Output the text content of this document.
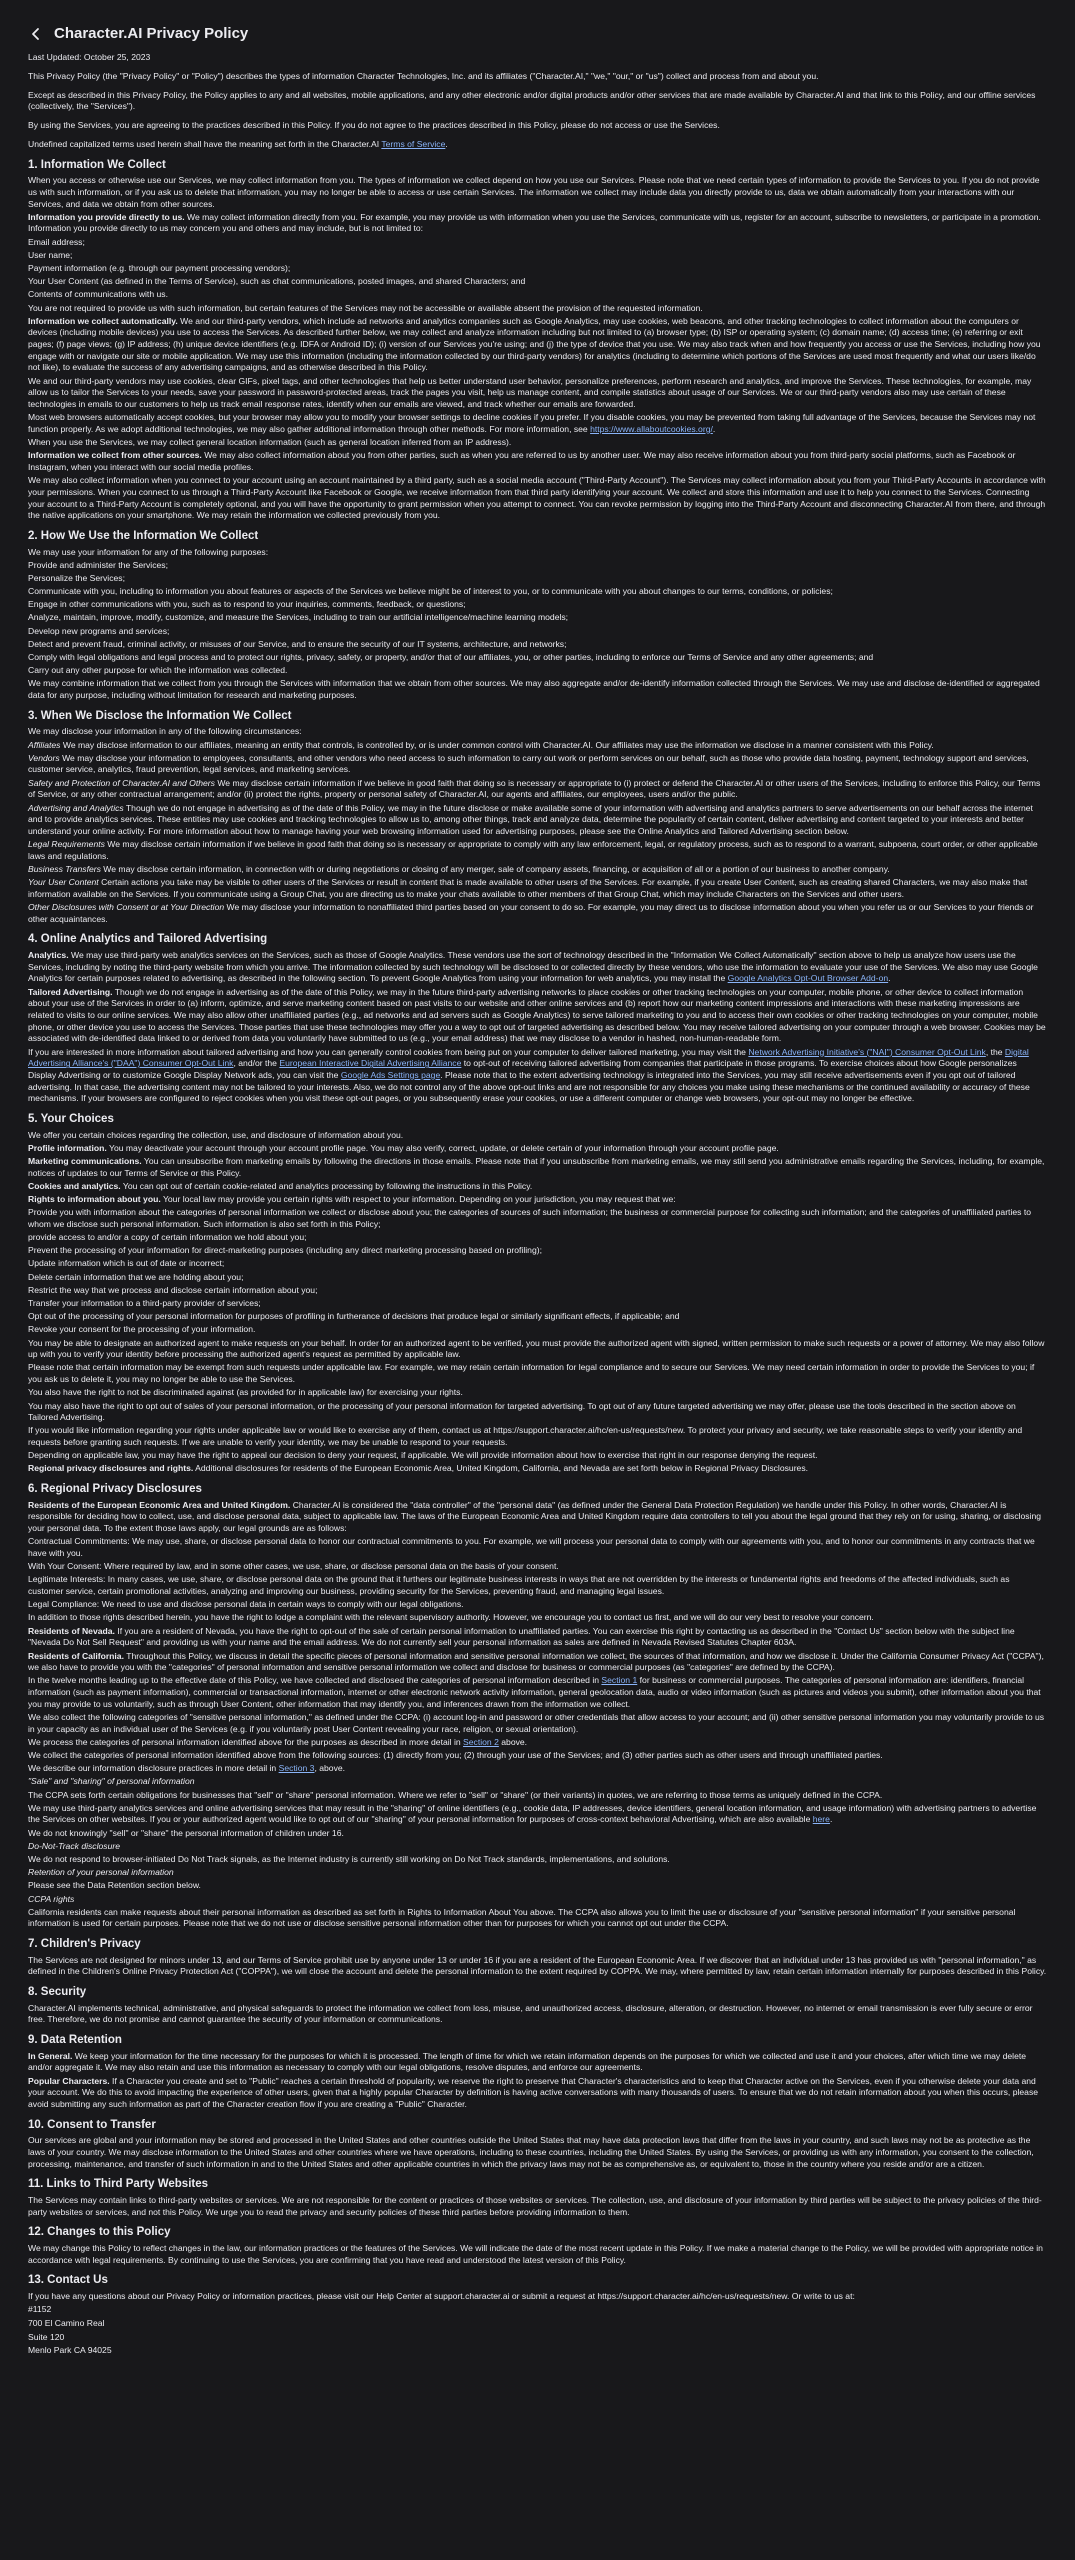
Character.AI Privacy Policy

Last Updated: October 25, 2023

This Privacy Policy (the "Privacy Policy" or "Policy") describes the types of information Character Technologies, Inc. and its affiliates ("Character.AI," "we," "our," or "us") collect and process from and about you.

Except as described in this Privacy Policy, the Policy applies to any and all websites, mobile applications, and any other electronic and/or digital products and/or other services that are made available by Character.AI and that link to this Policy, and our offline services (collectively, the "Services").

By using the Services, you are agreeing to the practices described in this Policy. If you do not agree to the practices described in this Policy, please do not access or use the Services.

Undefined capitalized terms used herein shall have the meaning set forth in the Character.AI Terms of Service.

1. Information We Collect

When you access or otherwise use our Services, we may collect information from you. The types of information we collect depend on how you use our Services. Please note that we need certain types of information to provide the Services to you. If you do not provide us with such information, or if you ask us to delete that information, you may no longer be able to access or use certain Services. The information we collect may include data you directly provide to us, data we obtain automatically from your interactions with our Services, and data we obtain from other sources.

Information you provide directly to us. We may collect information directly from you. For example, you may provide us with information when you use the Services, communicate with us, register for an account, subscribe to newsletters, or participate in a promotion. Information you provide directly to us may concern you and others and may include, but is not limited to:

Email address;

User name;

Payment information (e.g. through our payment processing vendors);

Your User Content (as defined in the Terms of Service), such as chat communications, posted images, and shared Characters; and

Contents of communications with us.

You are not required to provide us with such information, but certain features of the Services may not be accessible or available absent the provision of the requested information.

Information we collect automatically. We and our third-party vendors, which include ad networks and analytics companies such as Google Analytics, may use cookies, web beacons, and other tracking technologies to collect information about the computers or devices (including mobile devices) you use to access the Services. As described further below, we may collect and analyze information including but not limited to (a) browser type; (b) ISP or operating system; (c) domain name; (d) access time; (e) referring or exit pages; (f) page views; (g) IP address; (h) unique device identifiers (e.g. IDFA or Android ID); (i) version of our Services you're using; and (j) the type of device that you use. We may also track when and how frequently you access or use the Services, including how you engage with or navigate our site or mobile application. We may use this information (including the information collected by our third-party vendors) for analytics (including to determine which portions of the Services are used most frequently and what our users like/do not like), to evaluate the success of any advertising campaigns, and as otherwise described in this Policy.

We and our third-party vendors may use cookies, clear GIFs, pixel tags, and other technologies that help us better understand user behavior, personalize preferences, perform research and analytics, and improve the Services. These technologies, for example, may allow us to tailor the Services to your needs, save your password in password-protected areas, track the pages you visit, help us manage content, and compile statistics about usage of our Services. We or our third-party vendors also may use certain of these technologies in emails to our customers to help us track email response rates, identify when our emails are viewed, and track whether our emails are forwarded.

Most web browsers automatically accept cookies, but your browser may allow you to modify your browser settings to decline cookies if you prefer. If you disable cookies, you may be prevented from taking full advantage of the Services, because the Services may not function properly. As we adopt additional technologies, we may also gather additional information through other methods. For more information, see https://www.allaboutcookies.org/.

When you use the Services, we may collect general location information (such as general location inferred from an IP address).

Information we collect from other sources. We may also collect information about you from other parties, such as when you are referred to us by another user. We may also receive information about you from third-party social platforms, such as Facebook or Instagram, when you interact with our social media profiles.

We may also collect information when you connect to your account using an account maintained by a third party, such as a social media account ("Third-Party Account"). The Services may collect information about you from your Third-Party Accounts in accordance with your permissions. When you connect to us through a Third-Party Account like Facebook or Google, we receive information from that third party identifying your account. We collect and store this information and use it to help you connect to the Services. Connecting your account to a Third-Party Account is completely optional, and you will have the opportunity to grant permission when you attempt to connect. You can revoke permission by logging into the Third-Party Account and disconnecting Character.AI from there, and through the native applications on your smartphone. We may retain the information we collected previously from you.

2. How We Use the Information We Collect

We may use your information for any of the following purposes:

Provide and administer the Services;

Personalize the Services;

Communicate with you, including to information you about features or aspects of the Services we believe might be of interest to you, or to communicate with you about changes to our terms, conditions, or policies;

Engage in other communications with you, such as to respond to your inquiries, comments, feedback, or questions;

Analyze, maintain, improve, modify, customize, and measure the Services, including to train our artificial intelligence/machine learning models;

Develop new programs and services;

Detect and prevent fraud, criminal activity, or misuses of our Service, and to ensure the security of our IT systems, architecture, and networks;

Comply with legal obligations and legal process and to protect our rights, privacy, safety, or property, and/or that of our affiliates, you, or other parties, including to enforce our Terms of Service and any other agreements; and

Carry out any other purpose for which the information was collected.

We may combine information that we collect from you through the Services with information that we obtain from other sources. We may also aggregate and/or de-identify information collected through the Services. We may use and disclose de-identified or aggregated data for any purpose, including without limitation for research and marketing purposes.

3. When We Disclose the Information We Collect

We may disclose your information in any of the following circumstances:

Affiliates We may disclose information to our affiliates, meaning an entity that controls, is controlled by, or is under common control with Character.AI. Our affiliates may use the information we disclose in a manner consistent with this Policy.

Vendors We may disclose your information to employees, consultants, and other vendors who need access to such information to carry out work or perform services on our behalf, such as those who provide data hosting, payment, technology support and services, customer service, analytics, fraud prevention, legal services, and marketing services.

Safety and Protection of Character.AI and Others We may disclose certain information if we believe in good faith that doing so is necessary or appropriate to (i) protect or defend the Character.AI or other users of the Services, including to enforce this Policy, our Terms of Service, or any other contractual arrangement; and/or (ii) protect the rights, property or personal safety of Character.AI, our agents and affiliates, our employees, users and/or the public.

Advertising and Analytics Though we do not engage in advertising as of the date of this Policy, we may in the future disclose or make available some of your information with advertising and analytics partners to serve advertisements on our behalf across the internet and to provide analytics services. These entities may use cookies and tracking technologies to allow us to, among other things, track and analyze data, determine the popularity of certain content, deliver advertising and content targeted to your interests and better understand your online activity. For more information about how to manage having your web browsing information used for advertising purposes, please see the Online Analytics and Tailored Advertising section below.

Legal Requirements We may disclose certain information if we believe in good faith that doing so is necessary or appropriate to comply with any law enforcement, legal, or regulatory process, such as to respond to a warrant, subpoena, court order, or other applicable laws and regulations.

Business Transfers We may disclose certain information, in connection with or during negotiations or closing of any merger, sale of company assets, financing, or acquisition of all or a portion of our business to another company.

Your User Content Certain actions you take may be visible to other users of the Services or result in content that is made available to other users of the Services. For example, if you create User Content, such as creating shared Characters, we may also make that information available on the Services. If you communicate using a Group Chat, you are directing us to make your chats available to other members of that Group Chat, which may include Characters on the Services and other users.

Other Disclosures with Consent or at Your Direction We may disclose your information to nonaffiliated third parties based on your consent to do so. For example, you may direct us to disclose information about you when you refer us or our Services to your friends or other acquaintances.

4. Online Analytics and Tailored Advertising

Analytics. We may use third-party web analytics services on the Services, such as those of Google Analytics. These vendors use the sort of technology described in the "Information We Collect Automatically" section above to help us analyze how users use the Services, including by noting the third-party website from which you arrive. The information collected by such technology will be disclosed to or collected directly by these vendors, who use the information to evaluate your use of the Services. We also may use Google Analytics for certain purposes related to advertising, as described in the following section. To prevent Google Analytics from using your information for web analytics, you may install the Google Analytics Opt-Out Browser Add-on.

Tailored Advertising. Though we do not engage in advertising as of the date of this Policy, we may in the future third-party advertising networks to place cookies or other tracking technologies on your computer, mobile phone, or other device to collect information about your use of the Services in order to (a) inform, optimize, and serve marketing content based on past visits to our website and other online services and (b) report how our marketing content impressions and interactions with these marketing impressions are related to visits to our online services. We may also allow other unaffiliated parties (e.g., ad networks and ad servers such as Google Analytics) to serve tailored marketing to you and to access their own cookies or other tracking technologies on your computer, mobile phone, or other device you use to access the Services. Those parties that use these technologies may offer you a way to opt out of targeted advertising as described below. You may receive tailored advertising on your computer through a web browser. Cookies may be associated with de-identified data linked to or derived from data you voluntarily have submitted to us (e.g., your email address) that we may disclose to a vendor in hashed, non-human-readable form.

If you are interested in more information about tailored advertising and how you can generally control cookies from being put on your computer to deliver tailored marketing, you may visit the Network Advertising Initiative's ("NAI") Consumer Opt-Out Link, the Digital Advertising Alliance's ("DAA") Consumer Opt-Out Link, and/or the European Interactive Digital Advertising Alliance to opt-out of receiving tailored advertising from companies that participate in those programs. To exercise choices about how Google personalizes Display Advertising or to customize Google Display Network ads, you can visit the Google Ads Settings page. Please note that to the extent advertising technology is integrated into the Services, you may still receive advertisements even if you opt out of tailored advertising. In that case, the advertising content may not be tailored to your interests. Also, we do not control any of the above opt-out links and are not responsible for any choices you make using these mechanisms or the continued availability or accuracy of these mechanisms. If your browsers are configured to reject cookies when you visit these opt-out pages, or you subsequently erase your cookies, or use a different computer or change web browsers, your opt-out may no longer be effective.

5. Your Choices

We offer you certain choices regarding the collection, use, and disclosure of information about you.

Profile information. You may deactivate your account through your account profile page. You may also verify, correct, update, or delete certain of your information through your account profile page.

Marketing communications. You can unsubscribe from marketing emails by following the directions in those emails. Please note that if you unsubscribe from marketing emails, we may still send you administrative emails regarding the Services, including, for example, notices of updates to our Terms of Service or this Policy.

Cookies and analytics. You can opt out of certain cookie-related and analytics processing by following the instructions in this Policy.

Rights to information about you. Your local law may provide you certain rights with respect to your information. Depending on your jurisdiction, you may request that we:

Provide you with information about the categories of personal information we collect or disclose about you; the categories of sources of such information; the business or commercial purpose for collecting such information; and the categories of unaffiliated parties to whom we disclose such personal information. Such information is also set forth in this Policy;

provide access to and/or a copy of certain information we hold about you;

Prevent the processing of your information for direct-marketing purposes (including any direct marketing processing based on profiling);

Update information which is out of date or incorrect;

Delete certain information that we are holding about you;

Restrict the way that we process and disclose certain information about you;

Transfer your information to a third-party provider of services;

Opt out of the processing of your personal information for purposes of profiling in furtherance of decisions that produce legal or similarly significant effects, if applicable; and

Revoke your consent for the processing of your information.

You may be able to designate an authorized agent to make requests on your behalf. In order for an authorized agent to be verified, you must provide the authorized agent with signed, written permission to make such requests or a power of attorney. We may also follow up with you to verify your identity before processing the authorized agent's request as permitted by applicable law.

Please note that certain information may be exempt from such requests under applicable law. For example, we may retain certain information for legal compliance and to secure our Services. We may need certain information in order to provide the Services to you; if you ask us to delete it, you may no longer be able to use the Services.

You also have the right to not be discriminated against (as provided for in applicable law) for exercising your rights.

You may also have the right to opt out of sales of your personal information, or the processing of your personal information for targeted advertising. To opt out of any future targeted advertising we may offer, please use the tools described in the section above on Tailored Advertising.

If you would like information regarding your rights under applicable law or would like to exercise any of them, contact us at https://support.character.ai/hc/en-us/requests/new. To protect your privacy and security, we take reasonable steps to verify your identity and requests before granting such requests. If we are unable to verify your identity, we may be unable to respond to your requests.

Depending on applicable law, you may have the right to appeal our decision to deny your request, if applicable. We will provide information about how to exercise that right in our response denying the request.

Regional privacy disclosures and rights. Additional disclosures for residents of the European Economic Area, United Kingdom, California, and Nevada are set forth below in Regional Privacy Disclosures.

6. Regional Privacy Disclosures

Residents of the European Economic Area and United Kingdom. Character.AI is considered the "data controller" of the "personal data" (as defined under the General Data Protection Regulation) we handle under this Policy. In other words, Character.AI is responsible for deciding how to collect, use, and disclose personal data, subject to applicable law. The laws of the European Economic Area and United Kingdom require data controllers to tell you about the legal ground that they rely on for using, sharing, or disclosing your personal data. To the extent those laws apply, our legal grounds are as follows:

Contractual Commitments: We may use, share, or disclose personal data to honor our contractual commitments to you. For example, we will process your personal data to comply with our agreements with you, and to honor our commitments in any contracts that we have with you.

With Your Consent: Where required by law, and in some other cases, we use, share, or disclose personal data on the basis of your consent.

Legitimate Interests: In many cases, we use, share, or disclose personal data on the ground that it furthers our legitimate business interests in ways that are not overridden by the interests or fundamental rights and freedoms of the affected individuals, such as customer service, certain promotional activities, analyzing and improving our business, providing security for the Services, preventing fraud, and managing legal issues.

Legal Compliance: We need to use and disclose personal data in certain ways to comply with our legal obligations.

In addition to those rights described herein, you have the right to lodge a complaint with the relevant supervisory authority. However, we encourage you to contact us first, and we will do our very best to resolve your concern.

Residents of Nevada. If you are a resident of Nevada, you have the right to opt-out of the sale of certain personal information to unaffiliated parties. You can exercise this right by contacting us as described in the "Contact Us" section below with the subject line "Nevada Do Not Sell Request" and providing us with your name and the email address. We do not currently sell your personal information as sales are defined in Nevada Revised Statutes Chapter 603A.

Residents of California. Throughout this Policy, we discuss in detail the specific pieces of personal information and sensitive personal information we collect, the sources of that information, and how we disclose it. Under the California Consumer Privacy Act ("CCPA"), we also have to provide you with the "categories" of personal information and sensitive personal information we collect and disclose for business or commercial purposes (as "categories" are defined by the CCPA).

In the twelve months leading up to the effective date of this Policy, we have collected and disclosed the categories of personal information described in Section 1 for business or commercial purposes. The categories of personal information are: identifiers, financial information (such as payment information), commercial or transactional information, internet or other electronic network activity information, general geolocation data, audio or video information (such as pictures and videos you submit), other information about you that you may provide to us voluntarily, such as through User Content, other information that may identify you, and inferences drawn from the information we collect.

We also collect the following categories of "sensitive personal information," as defined under the CCPA: (i) account log-in and password or other credentials that allow access to your account; and (ii) other sensitive personal information you may voluntarily provide to us in your capacity as an individual user of the Services (e.g. if you voluntarily post User Content revealing your race, religion, or sexual orientation).

We process the categories of personal information identified above for the purposes as described in more detail in Section 2 above.

We collect the categories of personal information identified above from the following sources: (1) directly from you; (2) through your use of the Services; and (3) other parties such as other users and through unaffiliated parties.

We describe our information disclosure practices in more detail in Section 3, above.

"Sale" and "sharing" of personal information

The CCPA sets forth certain obligations for businesses that "sell" or "share" personal information. Where we refer to "sell" or "share" (or their variants) in quotes, we are referring to those terms as uniquely defined in the CCPA.

We may use third-party analytics services and online advertising services that may result in the "sharing" of online identifiers (e.g., cookie data, IP addresses, device identifiers, general location information, and usage information) with advertising partners to advertise the Services on other websites. If you or your authorized agent would like to opt out of our "sharing" of your personal information for purposes of cross-context behavioral Advertising, which are also available here.

We do not knowingly "sell" or "share" the personal information of children under 16.

Do-Not-Track disclosure

We do not respond to browser-initiated Do Not Track signals, as the Internet industry is currently still working on Do Not Track standards, implementations, and solutions.

Retention of your personal information

Please see the Data Retention section below.

CCPA rights

California residents can make requests about their personal information as described as set forth in Rights to Information About You above. The CCPA also allows you to limit the use or disclosure of your "sensitive personal information" if your sensitive personal information is used for certain purposes. Please note that we do not use or disclose sensitive personal information other than for purposes for which you cannot opt out under the CCPA.

7. Children's Privacy

The Services are not designed for minors under 13, and our Terms of Service prohibit use by anyone under 13 or under 16 if you are a resident of the European Economic Area. If we discover that an individual under 13 has provided us with "personal information," as defined in the Children's Online Privacy Protection Act ("COPPA"), we will close the account and delete the personal information to the extent required by COPPA. We may, where permitted by law, retain certain information internally for purposes described in this Policy.

8. Security

Character.AI implements technical, administrative, and physical safeguards to protect the information we collect from loss, misuse, and unauthorized access, disclosure, alteration, or destruction. However, no internet or email transmission is ever fully secure or error free. Therefore, we do not promise and cannot guarantee the security of your information or communications.

9. Data Retention

In General. We keep your information for the time necessary for the purposes for which it is processed. The length of time for which we retain information depends on the purposes for which we collected and use it and your choices, after which time we may delete and/or aggregate it. We may also retain and use this information as necessary to comply with our legal obligations, resolve disputes, and enforce our agreements.

Popular Characters. If a Character you create and set to "Public" reaches a certain threshold of popularity, we reserve the right to preserve that Character's characteristics and to keep that Character active on the Services, even if you otherwise delete your data and your account. We do this to avoid impacting the experience of other users, given that a highly popular Character by definition is having active conversations with many thousands of users. To ensure that we do not retain information about you when this occurs, please avoid submitting any such information as part of the Character creation flow if you are creating a "Public" Character.

10. Consent to Transfer

Our services are global and your information may be stored and processed in the United States and other countries outside the United States that may have data protection laws that differ from the laws in your country, and such laws may not be as protective as the laws of your country. We may disclose information to the United States and other countries where we have operations, including to these countries, including the United States. By using the Services, or providing us with any information, you consent to the collection, processing, maintenance, and transfer of such information in and to the United States and other applicable countries in which the privacy laws may not be as comprehensive as, or equivalent to, those in the country where you reside and/or are a citizen.

11. Links to Third Party Websites

The Services may contain links to third-party websites or services. We are not responsible for the content or practices of those websites or services. The collection, use, and disclosure of your information by third parties will be subject to the privacy policies of the third-party websites or services, and not this Policy. We urge you to read the privacy and security policies of these third parties before providing information to them.

12. Changes to this Policy

We may change this Policy to reflect changes in the law, our information practices or the features of the Services. We will indicate the date of the most recent update in this Policy. If we make a material change to the Policy, we will be provided with appropriate notice in accordance with legal requirements. By continuing to use the Services, you are confirming that you have read and understood the latest version of this Policy.

13. Contact Us

If you have any questions about our Privacy Policy or information practices, please visit our Help Center at support.character.ai or submit a request at https://support.character.ai/hc/en-us/requests/new. Or write to us at:

#1152

700 El Camino Real

Suite 120

Menlo Park CA 94025
